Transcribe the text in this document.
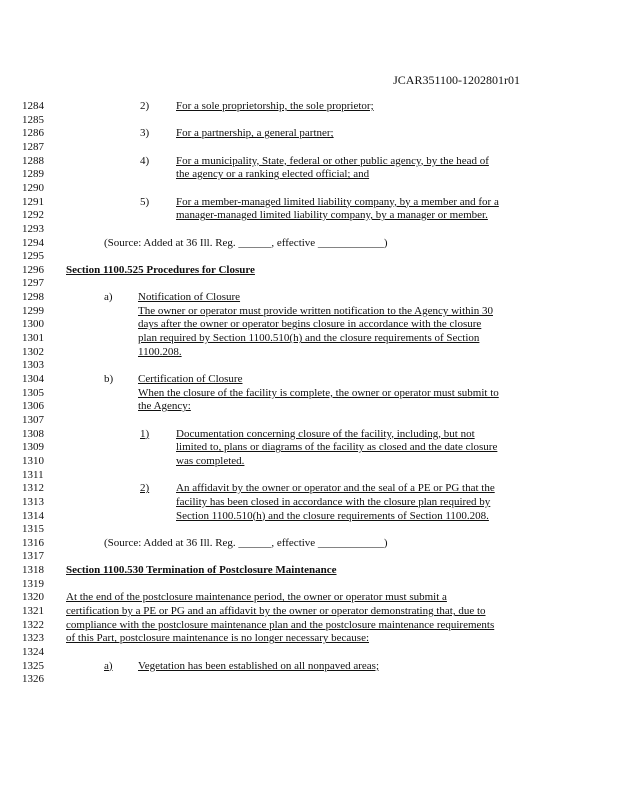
JCAR351100-1202801r01
1284	2) For a sole proprietorship, the sole proprietor;
1285
1286	3) For a partnership, a general partner;
1287
1288	4) For a municipality, State, federal or other public agency, by the head of
1289	the agency or a ranking elected official; and
1290
1291	5) For a member-managed limited liability company, by a member and for a
1292	manager-managed limited liability company, by a manager or member.
1293
1294	(Source: Added at 36 Ill. Reg. ______, effective ____________)
1295
1296	Section 1100.525 Procedures for Closure
1297
1298	a) Notification of Closure
1299	The owner or operator must provide written notification to the Agency within 30
1300	days after the owner or operator begins closure in accordance with the closure
1301	plan required by Section 1100.510(h) and the closure requirements of Section
1302	1100.208.
1303
1304	b) Certification of Closure
1305	When the closure of the facility is complete, the owner or operator must submit to
1306	the Agency:
1307
1308	1) Documentation concerning closure of the facility, including, but not
1309	limited to, plans or diagrams of the facility as closed and the date closure
1310	was completed.
1311
1312	2) An affidavit by the owner or operator and the seal of a PE or PG that the
1313	facility has been closed in accordance with the closure plan required by
1314	Section 1100.510(h) and the closure requirements of Section 1100.208.
1315
1316	(Source: Added at 36 Ill. Reg. ______, effective ____________)
1317
1318	Section 1100.530 Termination of Postclosure Maintenance
1319
1320	At the end of the postclosure maintenance period, the owner or operator must submit a
1321	certification by a PE or PG and an affidavit by the owner or operator demonstrating that, due to
1322	compliance with the postclosure maintenance plan and the postclosure maintenance requirements
1323	of this Part, postclosure maintenance is no longer necessary because:
1324
1325	a) Vegetation has been established on all nonpaved areas;
1326
